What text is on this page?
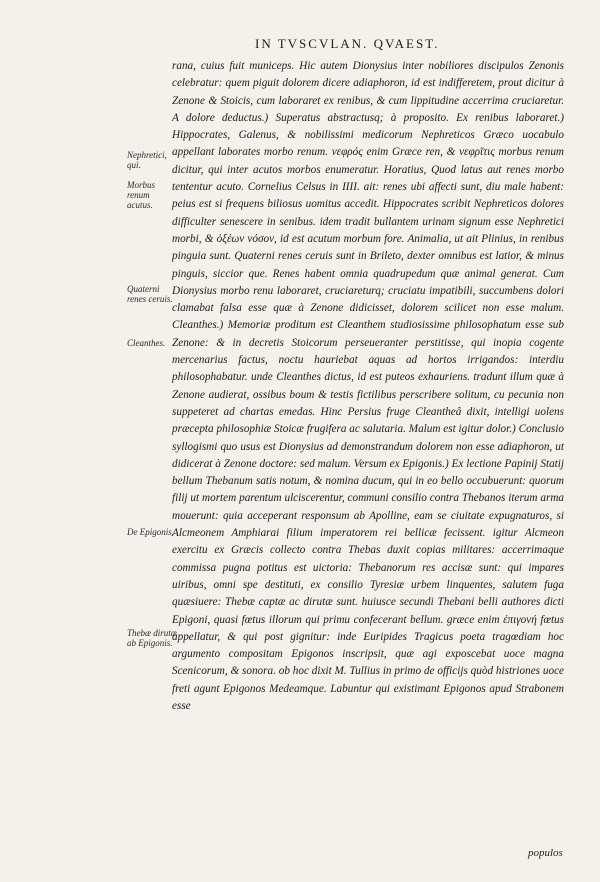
IN TVSCVLAN. QVAEST.

rana, cuius fuit municeps. Hic autem Dionysius inter nobiliores discipulos Zenonis celebratur: quem piguit dolorem dicere adiaphoron, id est indifferetem, prout dicitur à Zenone & Stoicis, cum laboraret ex renibus, & cum lippitudine accerrima cruciaretur. A dolore deductus.) Superatus abstractusq; à proposito. Ex renibus laboraret.) Hippocrates, Galenus, & nobilissimi medicorum Nephreticos Græco uocabulo appellant laborates morbo renum. νεφρός enim Græce ren, & νεφρῖτις morbus renum dicitur, qui inter acutos morbos enumeratur. Horatius, Quod latus aut renes morbo tententur acuto. Cornelius Celsus in IIII. ait: renes ubi affecti sunt, diu male habent: peius est si frequens biliosus uomitus accedit. Hippocrates scribit Nephreticos dolores difficulter senescere in senibus. idem tradit bullantem urinam signum esse Nephretici morbi, & ὀξέων νόσον, id est acutum morbum fore. Animalia, ut ait Plinius, in renibus pinguia sunt. Quaterni renes ceruis sunt in Brileto, dexter omnibus est latior, & minus pinguis, siccior que. Renes habent omnia quadrupedum quæ animal generat. Cum Dionysius morbo renu laboraret, cruciareturq; cruciatu impatibili, succumbens dolori clamabat falsa esse quæ à Zenone didicisset, dolorem scilicet non esse malum. Cleanthes.) Memoriæ proditum est Cleanthem studiosissime philosophatum esse sub Zenone: & in decretis Stoicorum perseueranter perstitisse, qui inopia cogente mercenarius factus, noctu hauriebat aquas ad hortos irrigandos: interdiu philosophabatur. unde Cleanthes dictus, id est puteos exhauriens. tradunt illum quæ à Zenone audierat, ossibus boum & testis fictilibus perscribere solitum, cu pecunia non suppeteret ad chartas emedas. Hinc Persius fruge Cleantheâ dixit, intelligi uolens præcepta philosophiæ Stoicæ frugifera ac salutaria. Malum est igitur dolor.) Conclusio syllogismi quo usus est Dionysius ad demonstrandum dolorem non esse adiaphoron, ut didicerat à Zenone doctore: sed malum. Versum ex Epigonis.) Ex lectione Papinij Statij bellum Thebanum satis notum, & nomina ducum, qui in eo bello occubuerunt: quorum filij ut mortem parentum ulciscerentur, communi consilio contra Thebanos iterum arma mouerunt: quia acceperant responsum ab Apolline, eam se ciuitate expugnaturos, si Alcmeonem Amphiarai filium imperatorem rei bellicæ fecissent. igitur Alcmeon exercitu ex Græcis collecto contra Thebas duxit copias militares: accerrimaque commissa pugna potitus est uictoria: Thebanorum res accisæ sunt: qui impares uiribus, omni spe destituti, ex consilio Tyresiæ urbem linquentes, salutem fuga quæsiuere: Thebæ captæ ac dirutæ sunt. huiusce secundi Thebani belli authores dicti Epigoni, quasi fœtus illorum qui primu confecerant bellum. græce enim ἐπιγονή fœtus appellatur, & qui post gignitur: inde Euripides Tragicus poeta tragœdiam hoc argumento compositam Epigonos inscripsit, quæ agi exposcebat uoce magna Scenicorum, & sonora. ob hoc dixit M. Tullius in primo de officijs quòd histriones uoce freti agunt Epigonos Medeamque. Labuntur qui existimant Epigonos apud Strabonem esse

Nephretici, qui.
Morbus renum acutus.
Quaterni renes ceruis.
Cleanthes.
De Epigonis.
Thebæ dirutæ ab Epigonis.
populos
